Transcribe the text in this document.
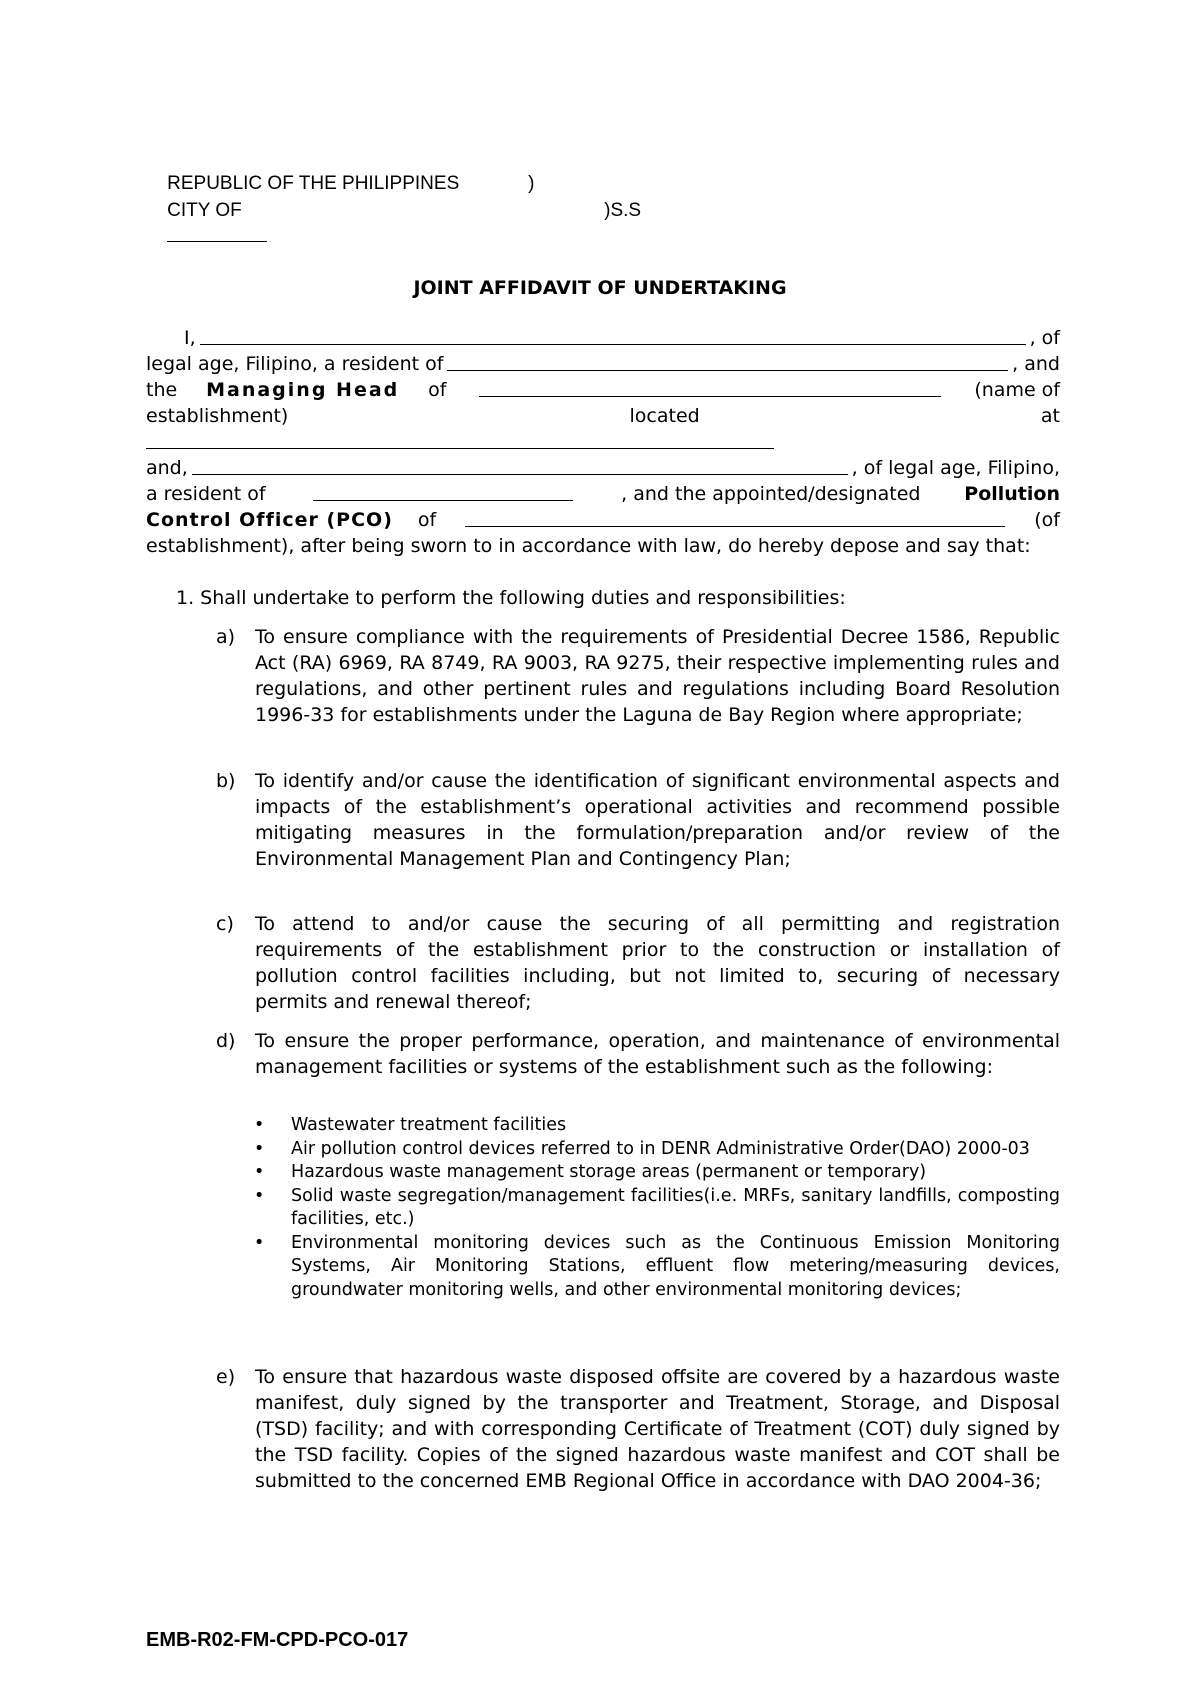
REPUBLIC OF THE PHILIPPINES
	)

CITY OF

	)S.S

JOINT AFFIDAVIT OF UNDERTAKING
I,	, of
legal age, Filipino, a resident of	, and
the Managing Head of	(name of
establishment)	located	at
and,	, of legal age, Filipino,
a resident of	, and the appointed/designated Pollution
Control Officer (PCO) of	(of
establishment), after being sworn to in accordance with law, do hereby depose and say that:
1. Shall undertake to perform the following duties and responsibilities:
a)	To ensure compliance with the requirements of Presidential Decree 1586, Republic Act (RA) 6969, RA 8749, RA 9003, RA 9275, their respective implementing rules and regulations, and other pertinent rules and regulations including Board Resolution 1996-33 for establishments under the Laguna de Bay Region where appropriate;
b)	To identify and/or cause the identification of significant environmental aspects and impacts of the establishment’s operational activities and recommend possible mitigating measures in the formulation/preparation and/or review of the Environmental Management Plan and Contingency Plan;
c)	To attend to and/or cause the securing of all permitting and registration requirements of the establishment prior to the construction or installation of pollution control facilities including, but not limited to, securing of necessary permits and renewal thereof;
d)	To ensure the proper performance, operation, and maintenance of environmental management facilities or systems of the establishment such as the following:
• Wastewater treatment facilities
• Air pollution control devices referred to in DENR Administrative Order(DAO) 2000-03
• Hazardous waste management storage areas (permanent or temporary)
• Solid waste segregation/management facilities(i.e. MRFs, sanitary landfills, composting facilities, etc.)
• Environmental monitoring devices such as the Continuous Emission Monitoring Systems, Air Monitoring Stations, effluent flow metering/measuring devices, groundwater monitoring wells, and other environmental monitoring devices;
e)	To ensure that hazardous waste disposed offsite are covered by a hazardous waste manifest, duly signed by the transporter and Treatment, Storage, and Disposal (TSD) facility; and with corresponding Certificate of Treatment (COT) duly signed by the TSD facility. Copies of the signed hazardous waste manifest and COT shall be submitted to the concerned EMB Regional Office in accordance with DAO 2004-36;
EMB-R02-FM-CPD-PCO-017
